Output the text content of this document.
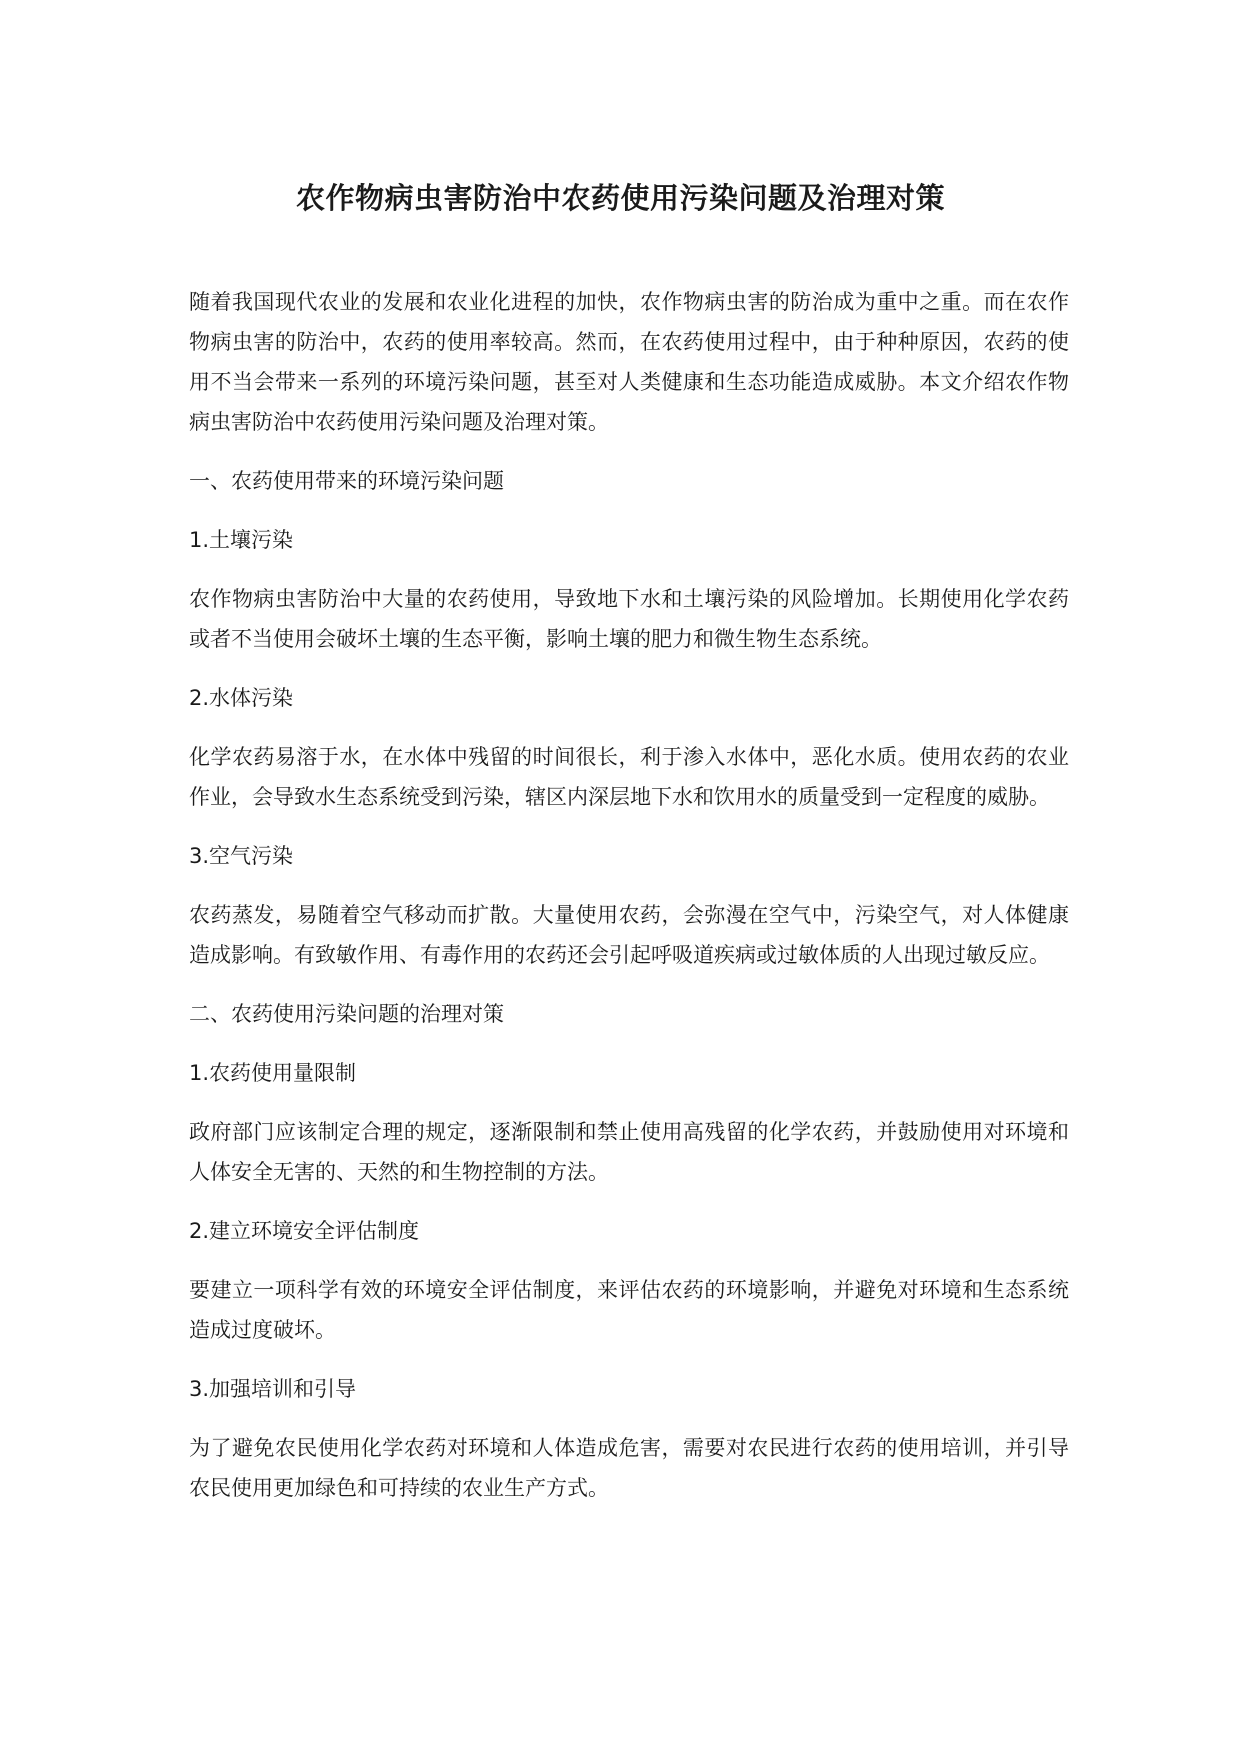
农作物病虫害防治中农药使用污染问题及治理对策

随着我国现代农业的发展和农业化进程的加快，农作物病虫害的防治成为重中之重。而在农作物病虫害的防治中，农药的使用率较高。然而，在农药使用过程中，由于种种原因，农药的使用不当会带来一系列的环境污染问题，甚至对人类健康和生态功能造成威胁。本文介绍农作物病虫害防治中农药使用污染问题及治理对策。

一、农药使用带来的环境污染问题

1.土壤污染

农作物病虫害防治中大量的农药使用，导致地下水和土壤污染的风险增加。长期使用化学农药或者不当使用会破坏土壤的生态平衡，影响土壤的肥力和微生物生态系统。

2.水体污染

化学农药易溶于水，在水体中残留的时间很长，利于渗入水体中，恶化水质。使用农药的农业作业，会导致水生态系统受到污染，辖区内深层地下水和饮用水的质量受到一定程度的威胁。

3.空气污染

农药蒸发，易随着空气移动而扩散。大量使用农药，会弥漫在空气中，污染空气，对人体健康造成影响。有致敏作用、有毒作用的农药还会引起呼吸道疾病或过敏体质的人出现过敏反应。

二、农药使用污染问题的治理对策

1.农药使用量限制

政府部门应该制定合理的规定，逐渐限制和禁止使用高残留的化学农药，并鼓励使用对环境和人体安全无害的、天然的和生物控制的方法。

2.建立环境安全评估制度

要建立一项科学有效的环境安全评估制度，来评估农药的环境影响，并避免对环境和生态系统造成过度破坏。

3.加强培训和引导

为了避免农民使用化学农药对环境和人体造成危害，需要对农民进行农药的使用培训，并引导农民使用更加绿色和可持续的农业生产方式。
